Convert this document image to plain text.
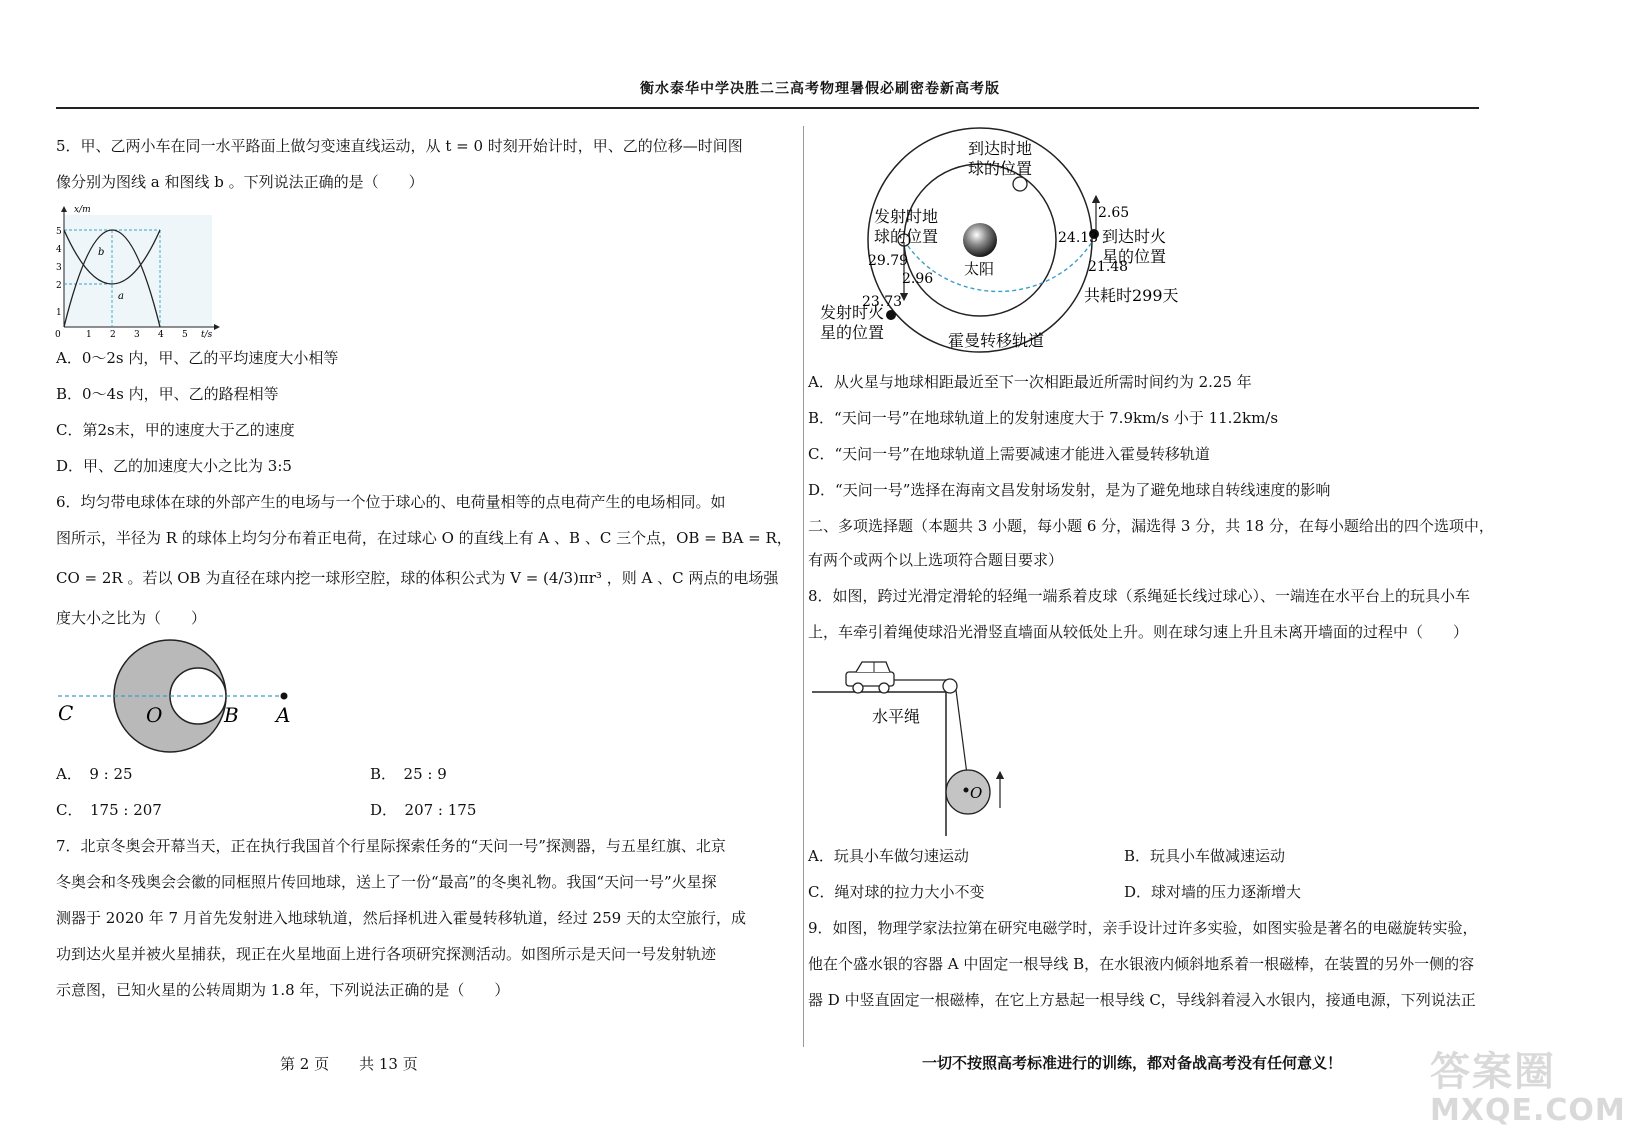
衡水泰华中学决胜二三高考物理暑假必刷密卷新高考版
5．甲、乙两小车在同一水平路面上做匀变速直线运动，从 t = 0 时刻开始计时，甲、乙的位移—时间图
像分别为图线 a 和图线 b 。下列说法正确的是（　　）
x/m
t/s
0
1
2
3
4
5
1 2 3 4 5
b
a
A．0～2s 内，甲、乙的平均速度大小相等
B．0～4s 内，甲、乙的路程相等
C．第2s末，甲的速度大于乙的速度
D．甲、乙的加速度大小之比为 3:5
6．均匀带电球体在球的外部产生的电场与一个位于球心的、电荷量相等的点电荷产生的电场相同。如
图所示，半径为 R 的球体上均匀分布着正电荷，在过球心 O 的直线上有 A 、B 、C 三个点，OB = BA = R，
CO = 2R 。若以 OB 为直径在球内挖一球形空腔，球的体积公式为 V = (4/3)πr³ ，则 A 、C 两点的电场强
度大小之比为（　　）
C	O	B A
A．　9 : 25	B．　25 : 9
C．　175 : 207	D．　207 : 175
7．北京冬奥会开幕当天，正在执行我国首个行星际探索任务的“天问一号”探测器，与五星红旗、北京
冬奥会和冬残奥会会徽的同框照片传回地球，送上了一份“最高”的冬奥礼物。我国“天问一号”火星探
测器于 2020 年 7 月首先发射进入地球轨道，然后择机进入霍曼转移轨道，经过 259 天的太空旅行，成
功到达火星并被火星捕获，现正在火星地面上进行各项研究探测活动。如图所示是天问一号发射轨迹
示意图，已知火星的公转周期为 1.8 年，下列说法正确的是（　　）
第 2 页　　共 13 页
到达时地
球的位置
发射时地
球的位置
太阳
到达时火
星的位置
发射时火
星的位置	霍曼转移轨道
共耗时299天
2.65
24.13
21.48
29.79
2.96
23.73
A．从火星与地球相距最近至下一次相距最近所需时间约为 2.25 年
B．“天问一号”在地球轨道上的发射速度大于 7.9km/s 小于 11.2km/s
C．“天问一号”在地球轨道上需要减速才能进入霍曼转移轨道
D．“天问一号”选择在海南文昌发射场发射，是为了避免地球自转线速度的影响
二、多项选择题（本题共 3 小题，每小题 6 分，漏选得 3 分，共 18 分，在每小题给出的四个选项中，
有两个或两个以上选项符合题目要求）
8．如图，跨过光滑定滑轮的轻绳一端系着皮球（系绳延长线过球心）、一端连在水平台上的玩具小车
上，车牵引着绳使球沿光滑竖直墙面从较低处上升。则在球匀速上升且未离开墙面的过程中（　　）
水平绳
O
A．玩具小车做匀速运动	B．玩具小车做减速运动
C．绳对球的拉力大小不变	D．球对墙的压力逐渐增大
9．如图，物理学家法拉第在研究电磁学时，亲手设计过许多实验，如图实验是著名的电磁旋转实验，
他在个盛水银的容器 A 中固定一根导线 B，在水银液内倾斜地系着一根磁棒，在装置的另外一侧的容
器 D 中竖直固定一根磁棒，在它上方悬起一根导线 C，导线斜着浸入水银内，接通电源，下列说法正
一切不按照高考标准进行的训练，都对备战高考没有任何意义！ 答案圈
MXQE.COM
